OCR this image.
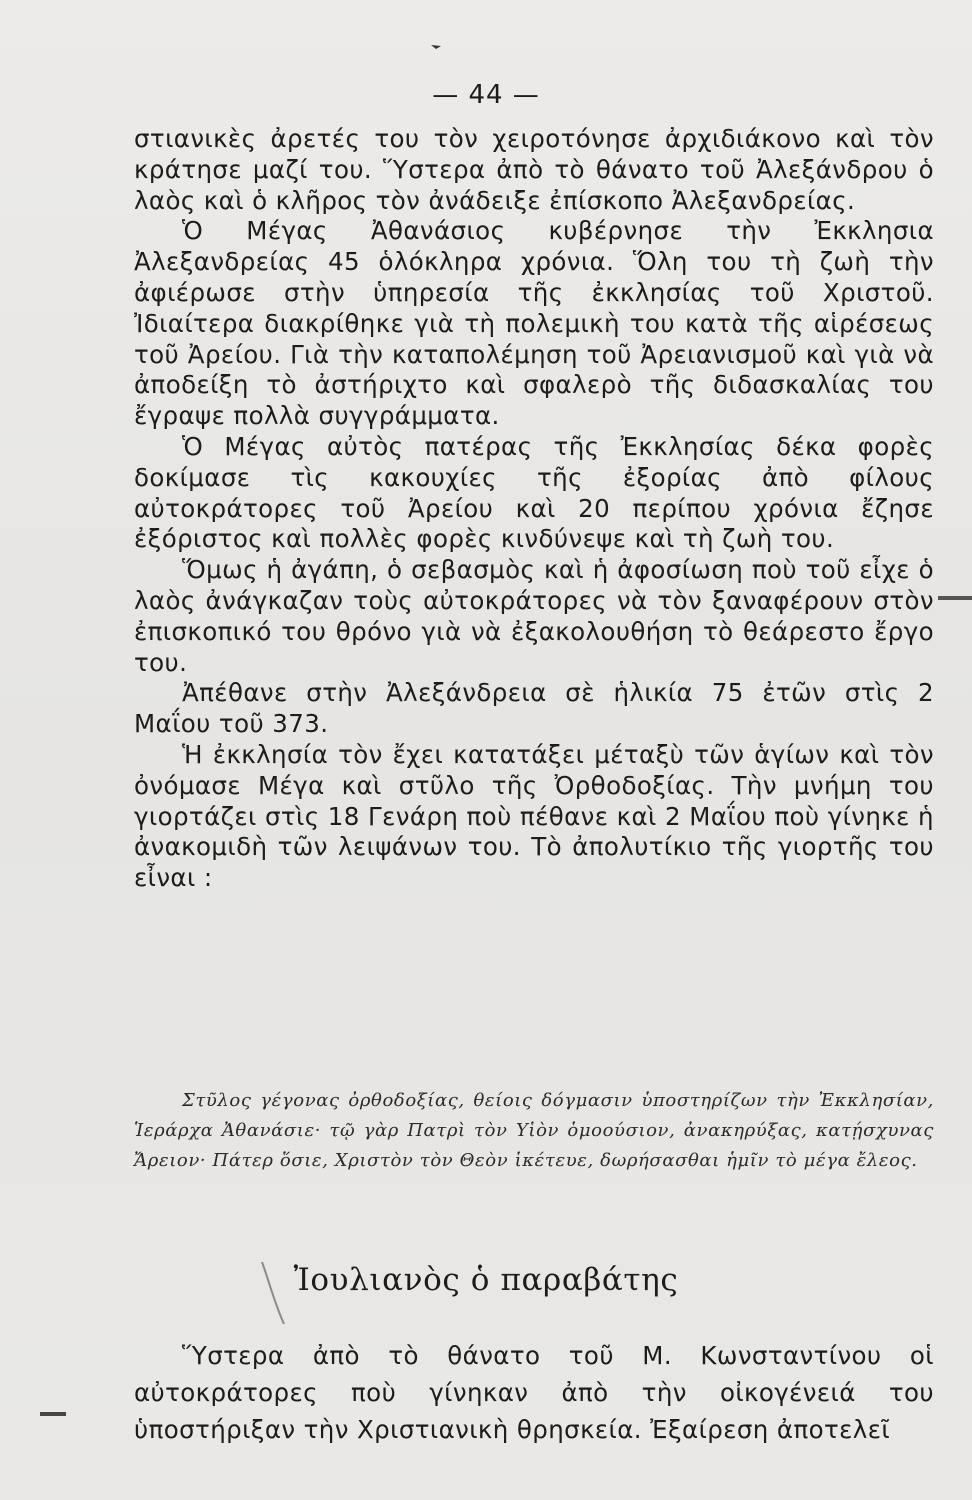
— 44 —

στιανικὲς ἀρετές του τὸν χειροτόνησε ἀρχιδιάκονο καὶ τὸν κράτησε μαζί του. Ὕστερα ἀπὸ τὸ θάνατο τοῦ Ἀλεξάνδρου ὁ λαὸς καὶ ὁ κλῆρος τὸν ἀνάδειξε ἐπίσκοπο Ἀλεξανδρείας.

Ὁ Μέγας Ἀθανάσιος κυβέρνησε τὴν Ἐκκλησια Ἀλεξανδρείας 45 ὁλόκληρα χρόνια. Ὅλη του τὴ ζωὴ τὴν ἀφιέρωσε στὴν ὑπηρεσία τῆς ἐκκλησίας τοῦ Χριστοῦ. Ἰδιαίτερα διακρίθηκε γιὰ τὴ πολεμικὴ του κατὰ τῆς αἱρέσεως τοῦ Ἀρείου. Γιὰ τὴν καταπολέμηση τοῦ Ἀρειανισμοῦ καὶ γιὰ νὰ ἀποδείξη τὸ ἀστήριχτο καὶ σφαλερὸ τῆς διδασκαλίας του ἔγραψε πολλὰ συγγράμματα.

Ὁ Μέγας αὐτὸς πατέρας τῆς Ἐκκλησίας δέκα φορὲς δοκίμασε τὶς κακουχίες τῆς ἐξορίας ἀπὸ φίλους αὐτοκράτορες τοῦ Ἀρείου καὶ 20 περίπου χρόνια ἔζησε ἐξόριστος καὶ πολλὲς φορὲς κινδύνεψε καὶ τὴ ζωὴ του.

Ὅμως ἡ ἀγάπη, ὁ σεβασμὸς καὶ ἡ ἀφοσίωση ποὺ τοῦ εἶχε ὁ λαὸς ἀνάγκαζαν τοὺς αὐτοκράτορες νὰ τὸν ξαναφέρουν στὸν ἐπισκοπικό του θρόνο γιὰ νὰ ἐξακολουθήση τὸ θεάρεστο ἔργο του.

Ἀπέθανε στὴν Ἀλεξάνδρεια σὲ ἡλικία 75 ἐτῶν στὶς 2 Μαΐου τοῦ 373.

Ἡ ἐκκλησία τὸν ἔχει κατατάξει μέταξὺ τῶν ἁγίων καὶ τὸν ὀνόμασε Μέγα καὶ στῦλο τῆς Ὀρθοδοξίας. Τὴν μνήμη του γιορτάζει στὶς 18 Γενάρη ποὺ πέθανε καὶ 2 Μαΐου ποὺ γίνηκε ἡ ἀνακομιδὴ τῶν λειψάνων του. Τὸ ἀπολυτίκιο τῆς γιορτῆς του εἶναι :

Στῦλος γέγονας ὀρθοδοξίας, θείοις δόγμασιν ὑποστηρίζων τὴν Ἐκκλησίαν, Ἱεράρχα Ἀθανάσιε· τῷ γὰρ Πατρὶ τὸν Υἱὸν ὁμοούσιον, ἀνακηρύξας, κατῄσχυνας Ἄρειον· Πάτερ ὅσιε, Χριστὸν τὸν Θεὸν ἱκέτευε, δωρήσασθαι ἡμῖν τὸ μέγα ἔλεος.
Ἰουλιανὸς ὁ παραβάτης
Ὕστερα ἀπὸ τὸ θάνατο τοῦ Μ. Κωνσταντίνου οἱ αὐτοκράτορες ποὺ γίνηκαν ἀπὸ τὴν οἰκογένειά του ὑποστήριξαν τὴν Χριστιανικὴ θρησκεία. Ἐξαίρεση ἀποτελεῖ
